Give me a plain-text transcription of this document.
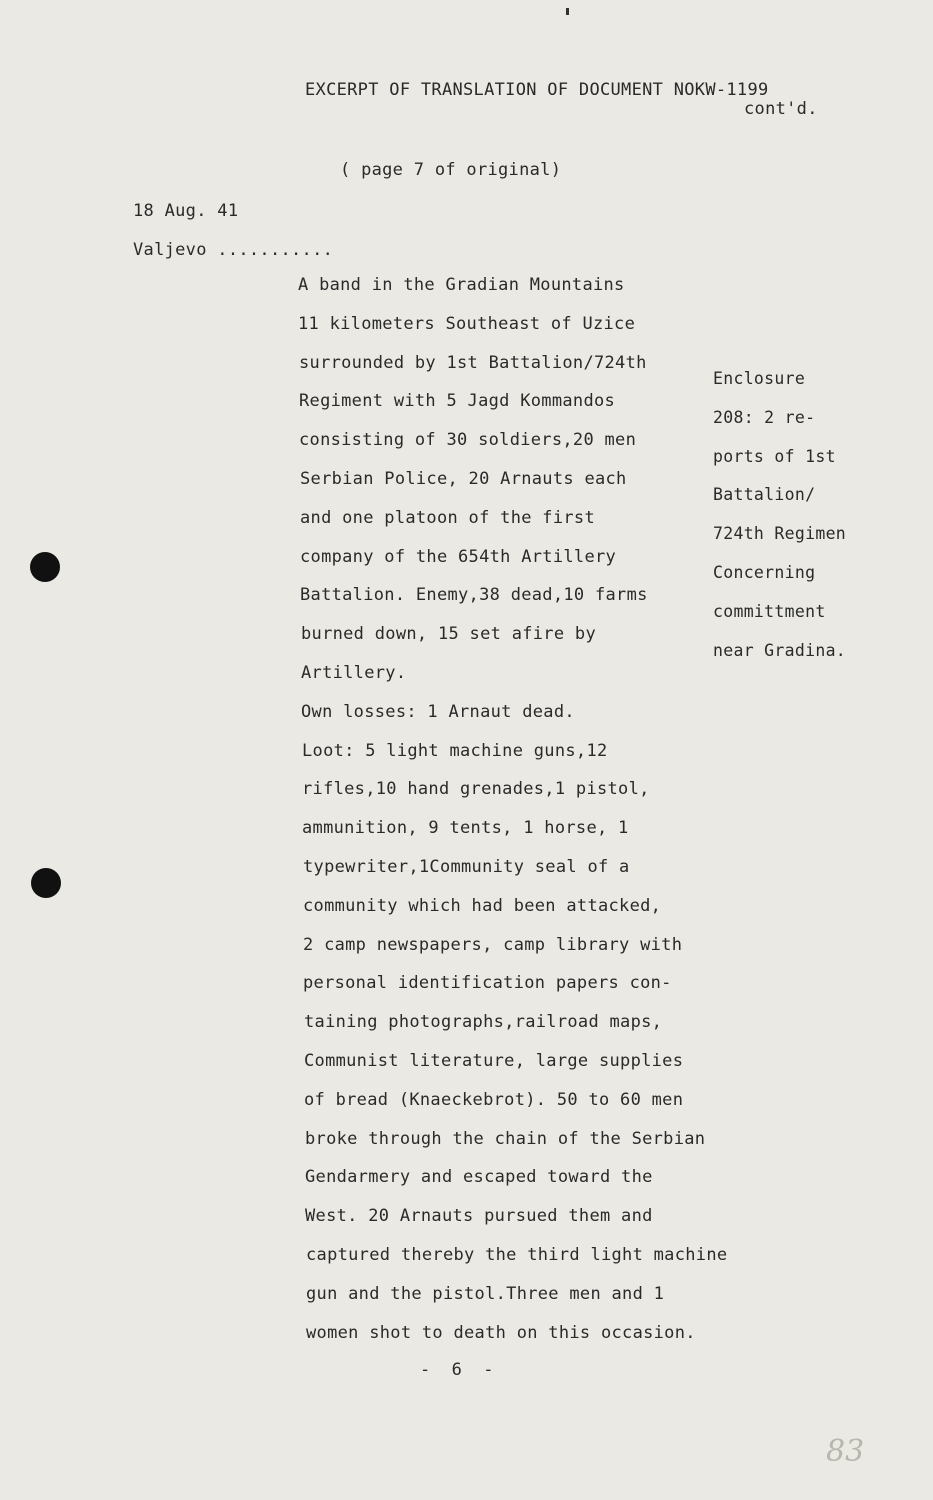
EXCERPT OF TRANSLATION OF DOCUMENT NOKW-1199
cont'd.
( page 7 of original)
18 Aug. 41
Valjevo ...........
A band in the Gradian Mountains
11 kilometers Southeast of Uzice
surrounded by 1st Battalion/724th
Regiment with 5 Jagd Kommandos
consisting of 30 soldiers,20 men
Serbian Police, 20 Arnauts each
and one platoon of the first
company of the 654th Artillery
Battalion. Enemy,38 dead,10 farms
burned down, 15 set afire by
Artillery.
Own losses: 1 Arnaut dead.
Loot: 5 light machine guns,12
rifles,10 hand grenades,1 pistol,
ammunition, 9 tents, 1 horse, 1
typewriter,1Community seal of a
community which had been attacked,
2 camp newspapers, camp library with
personal identification papers con-
taining photographs,railroad maps,
Communist literature, large supplies
of bread (Knaeckebrot). 50 to 60 men
broke through the chain of the Serbian
Gendarmery and escaped toward the
West. 20 Arnauts pursued them and
captured thereby the third light machine
gun and the pistol.Three men and 1
women shot to death on this occasion.
Enclosure
208: 2 re-
ports of 1st
Battalion/
724th Regimen
Concerning
committment
near Gradina.
-  6  -
83
